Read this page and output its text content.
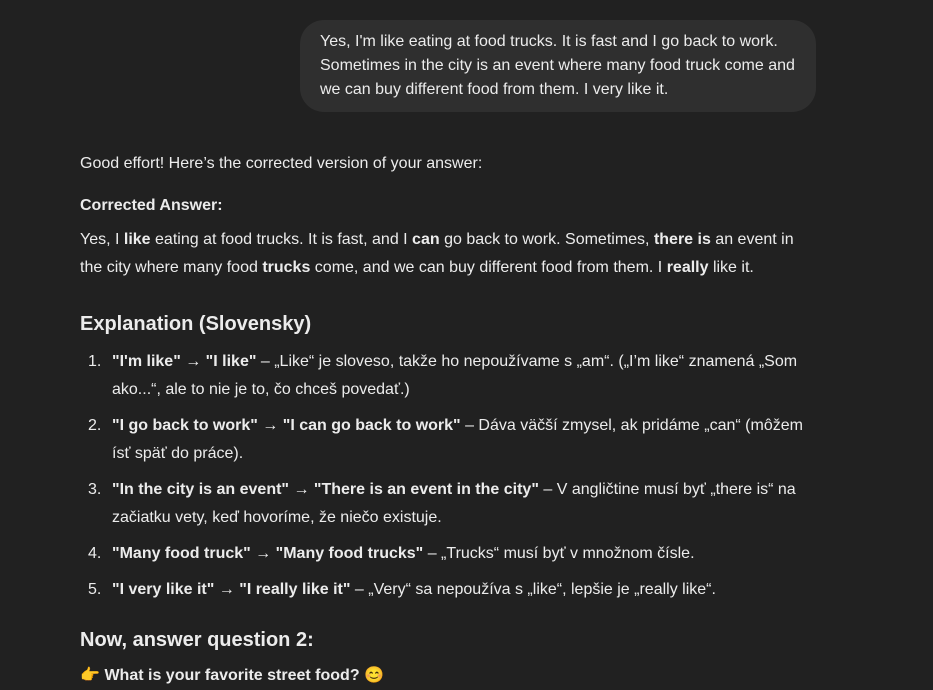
Yes, I'm like eating at food trucks. It is fast and I go back to work. Sometimes in the city is an event where many food truck come and we can buy different food from them. I very like it.

Good effort! Here’s the corrected version of your answer:

Corrected Answer:

Yes, I like eating at food trucks. It is fast, and I can go back to work. Sometimes, there is an event in the city where many food trucks come, and we can buy different food from them. I really like it.

Explanation (Slovensky)
1. "I'm like" → "I like" – „Like“ je sloveso, takže ho nepoužívame s „am“. („I’m like“ znamená „Som ako...“, ale to nie je to, čo chceš povedať.)
2. "I go back to work" → "I can go back to work" – Dáva väčší zmysel, ak pridáme „can“ (môžem ísť späť do práce).
3. "In the city is an event" → "There is an event in the city" – V angličtine musí byť „there is“ na začiatku vety, keď hovoríme, že niečo existuje.
4. "Many food truck" → "Many food trucks" – „Trucks“ musí byť v množnom čísle.
5. "I very like it" → "I really like it" – „Very“ sa nepoužíva s „like“, lepšie je „really like“.
Now, answer question 2:

👉 What is your favorite street food? 😊
